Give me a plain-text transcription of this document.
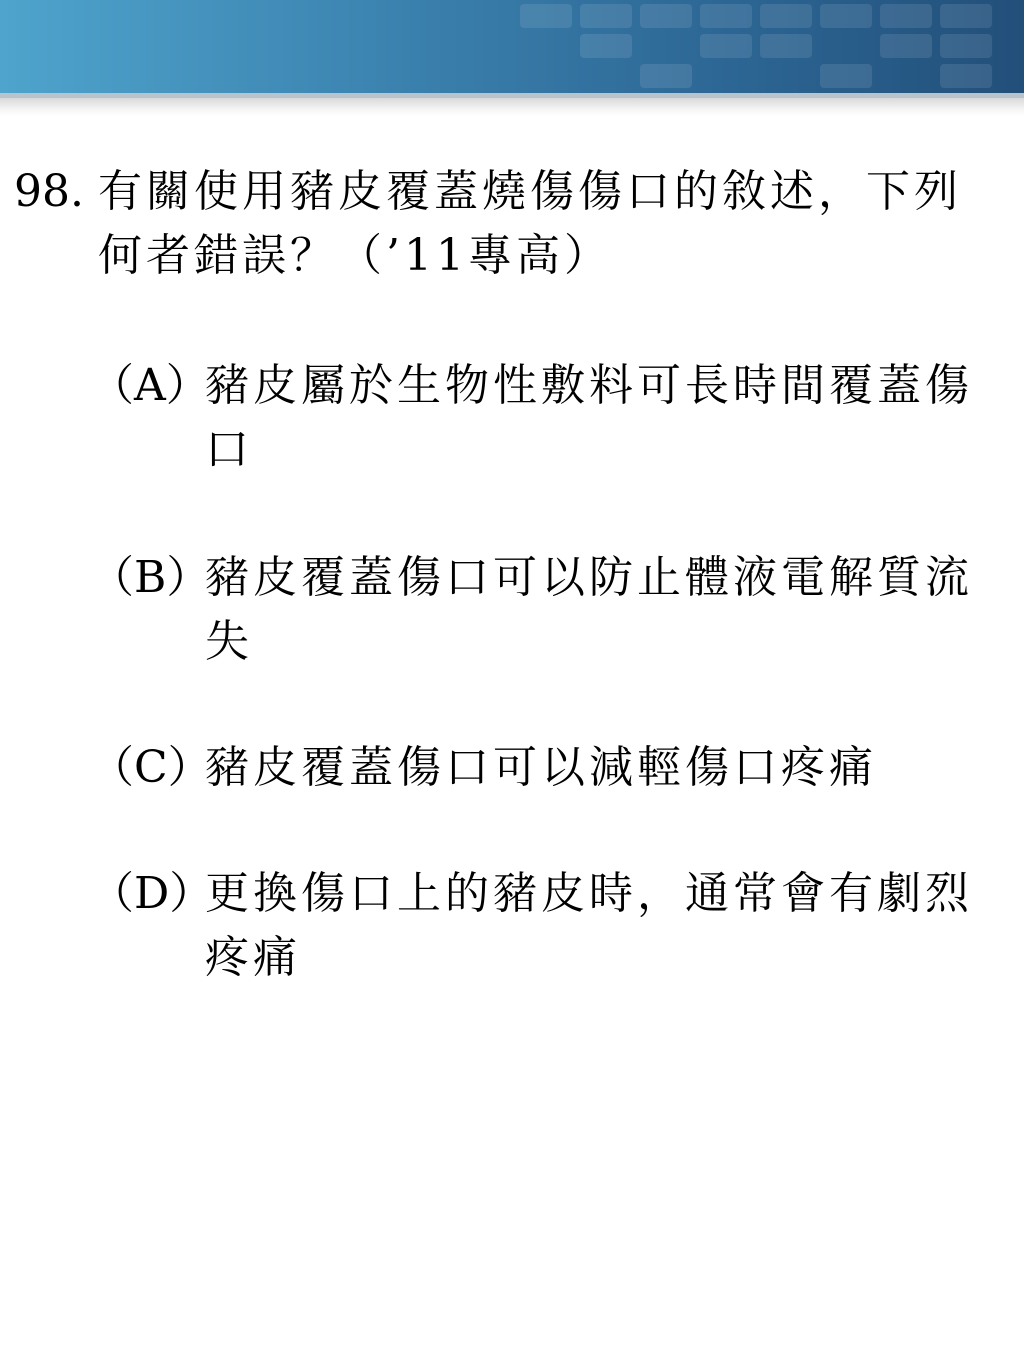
98. 有關使用豬皮覆蓋燒傷傷口的敘述，下列何者錯誤？（’11專高）
（A）
豬皮屬於生物性敷料可長時間覆蓋傷口
（B）
豬皮覆蓋傷口可以防止體液電解質流失
（C）
豬皮覆蓋傷口可以減輕傷口疼痛
（D）
更換傷口上的豬皮時，通常會有劇烈疼痛
